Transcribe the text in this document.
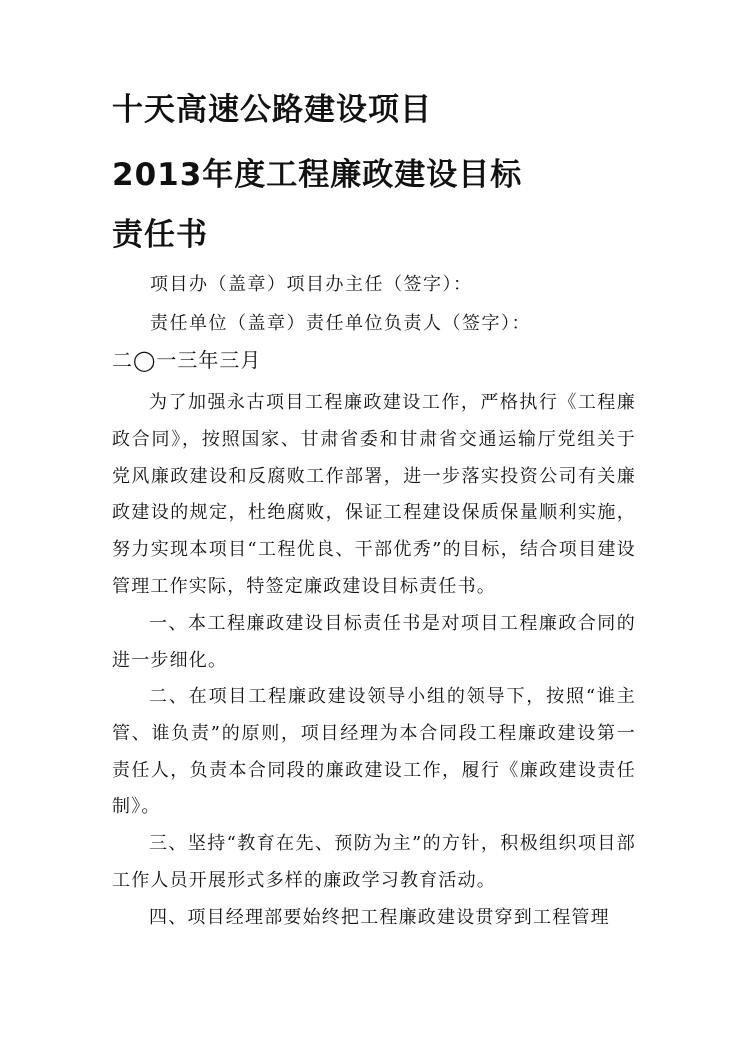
十天高速公路建设项目
2013年度工程廉政建设目标
责任书

项目办（盖章）项目办主任（签字）：

责任单位（盖章）责任单位负责人（签字）：

二◯一三年三月

为了加强永古项目工程廉政建设工作，严格执行《工程廉政合同》，按照国家、甘肃省委和甘肃省交通运输厅党组关于党风廉政建设和反腐败工作部署，进一步落实投资公司有关廉政建设的规定，杜绝腐败，保证工程建设保质保量顺利实施，努力实现本项目“工程优良、干部优秀”的目标，结合项目建设管理工作实际，特签定廉政建设目标责任书。

一、本工程廉政建设目标责任书是对项目工程廉政合同的进一步细化。

二、在项目工程廉政建设领导小组的领导下，按照“谁主管、谁负责”的原则，项目经理为本合同段工程廉政建设第一责任人，负责本合同段的廉政建设工作，履行《廉政建设责任制》。

三、坚持“教育在先、预防为主”的方针，积极组织项目部工作人员开展形式多样的廉政学习教育活动。

四、项目经理部要始终把工程廉政建设贯穿到工程管理
